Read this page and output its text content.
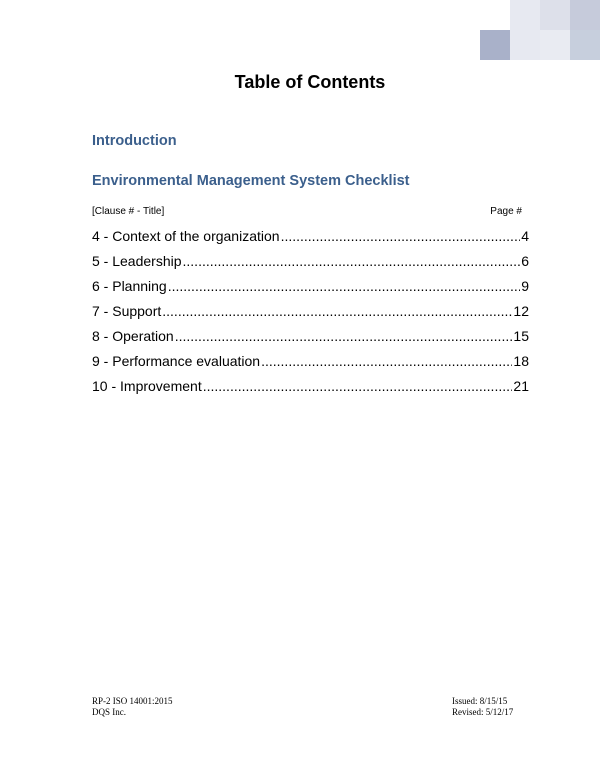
Table of Contents
Introduction
Environmental Management System Checklist
[Clause # - Title]	Page #
4 - Context of the organization .....	4
5 - Leadership .....	6
6 - Planning .....	9
7 - Support .....	12
8 - Operation .....	15
9 - Performance evaluation .....	18
10 - Improvement .....	21
RP-2 ISO 14001:2015
DQS Inc.
Issued: 8/15/15
Revised: 5/12/17
